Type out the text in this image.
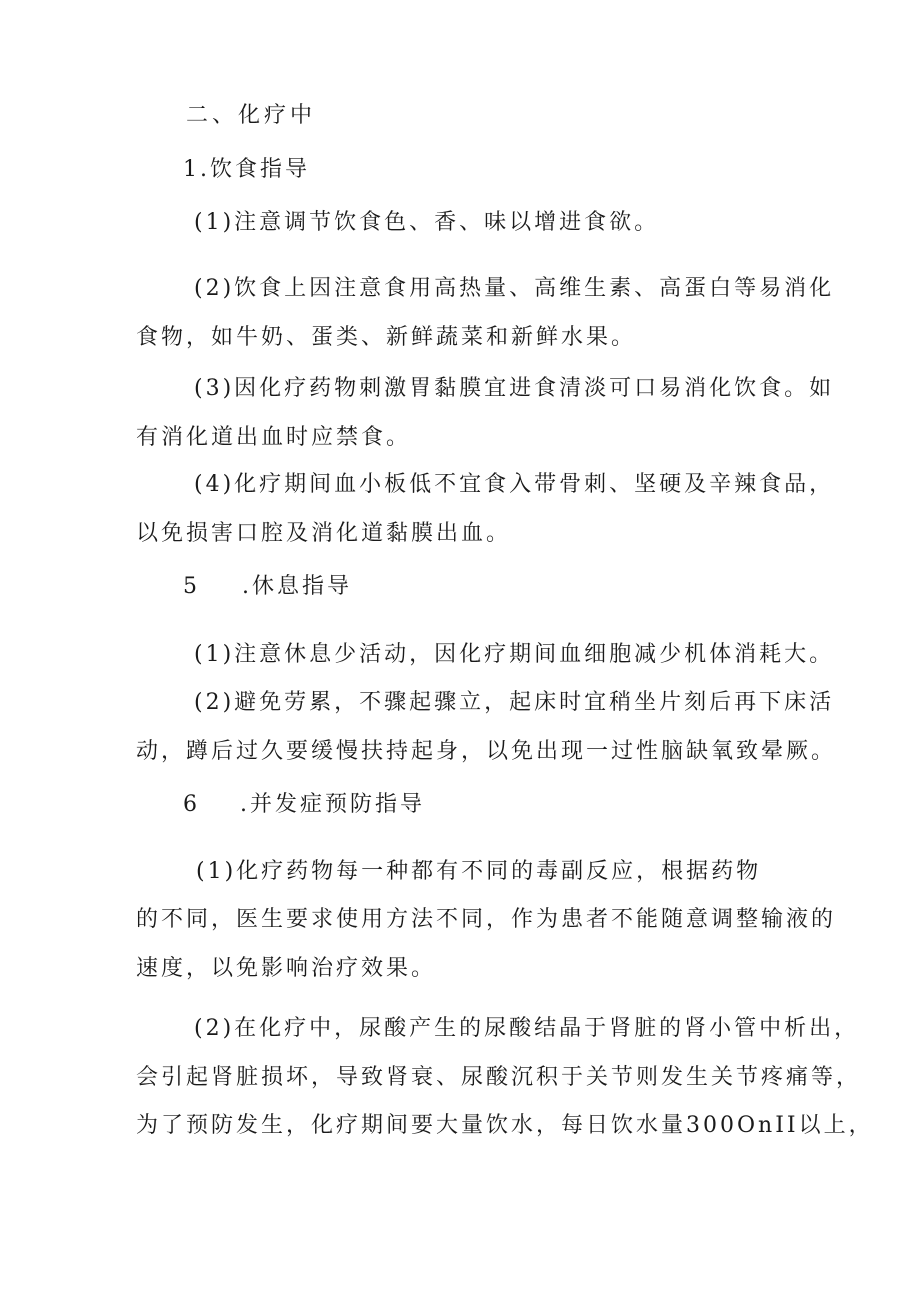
二、化疗中

1.饮食指导

(1)注意调节饮食色、香、味以增进食欲。

(2)饮食上因注意食用高热量、高维生素、高蛋白等易消化

食物，如牛奶、蛋类、新鲜蔬菜和新鲜水果。

(3)因化疗药物刺激胃黏膜宜进食清淡可口易消化饮食。如

有消化道出血时应禁食。

(4)化疗期间血小板低不宜食入带骨刺、坚硬及辛辣食品，

以免损害口腔及消化道黏膜出血。

5 .休息指导

(1)注意休息少活动，因化疗期间血细胞减少机体消耗大。

(2)避免劳累，不骤起骤立，起床时宜稍坐片刻后再下床活

动，蹲后过久要缓慢扶持起身，以免出现一过性脑缺氧致晕厥。

6 .并发症预防指导

(1)化疗药物每一种都有不同的毒副反应，根据药物

的不同，医生要求使用方法不同，作为患者不能随意调整输液的

速度，以免影响治疗效果。

(2)在化疗中，尿酸产生的尿酸结晶于肾脏的肾小管中析出，

会引起肾脏损坏，导致肾衰、尿酸沉积于关节则发生关节疼痛等，

为了预防发生，化疗期间要大量饮水，每日饮水量300OnII以上，
